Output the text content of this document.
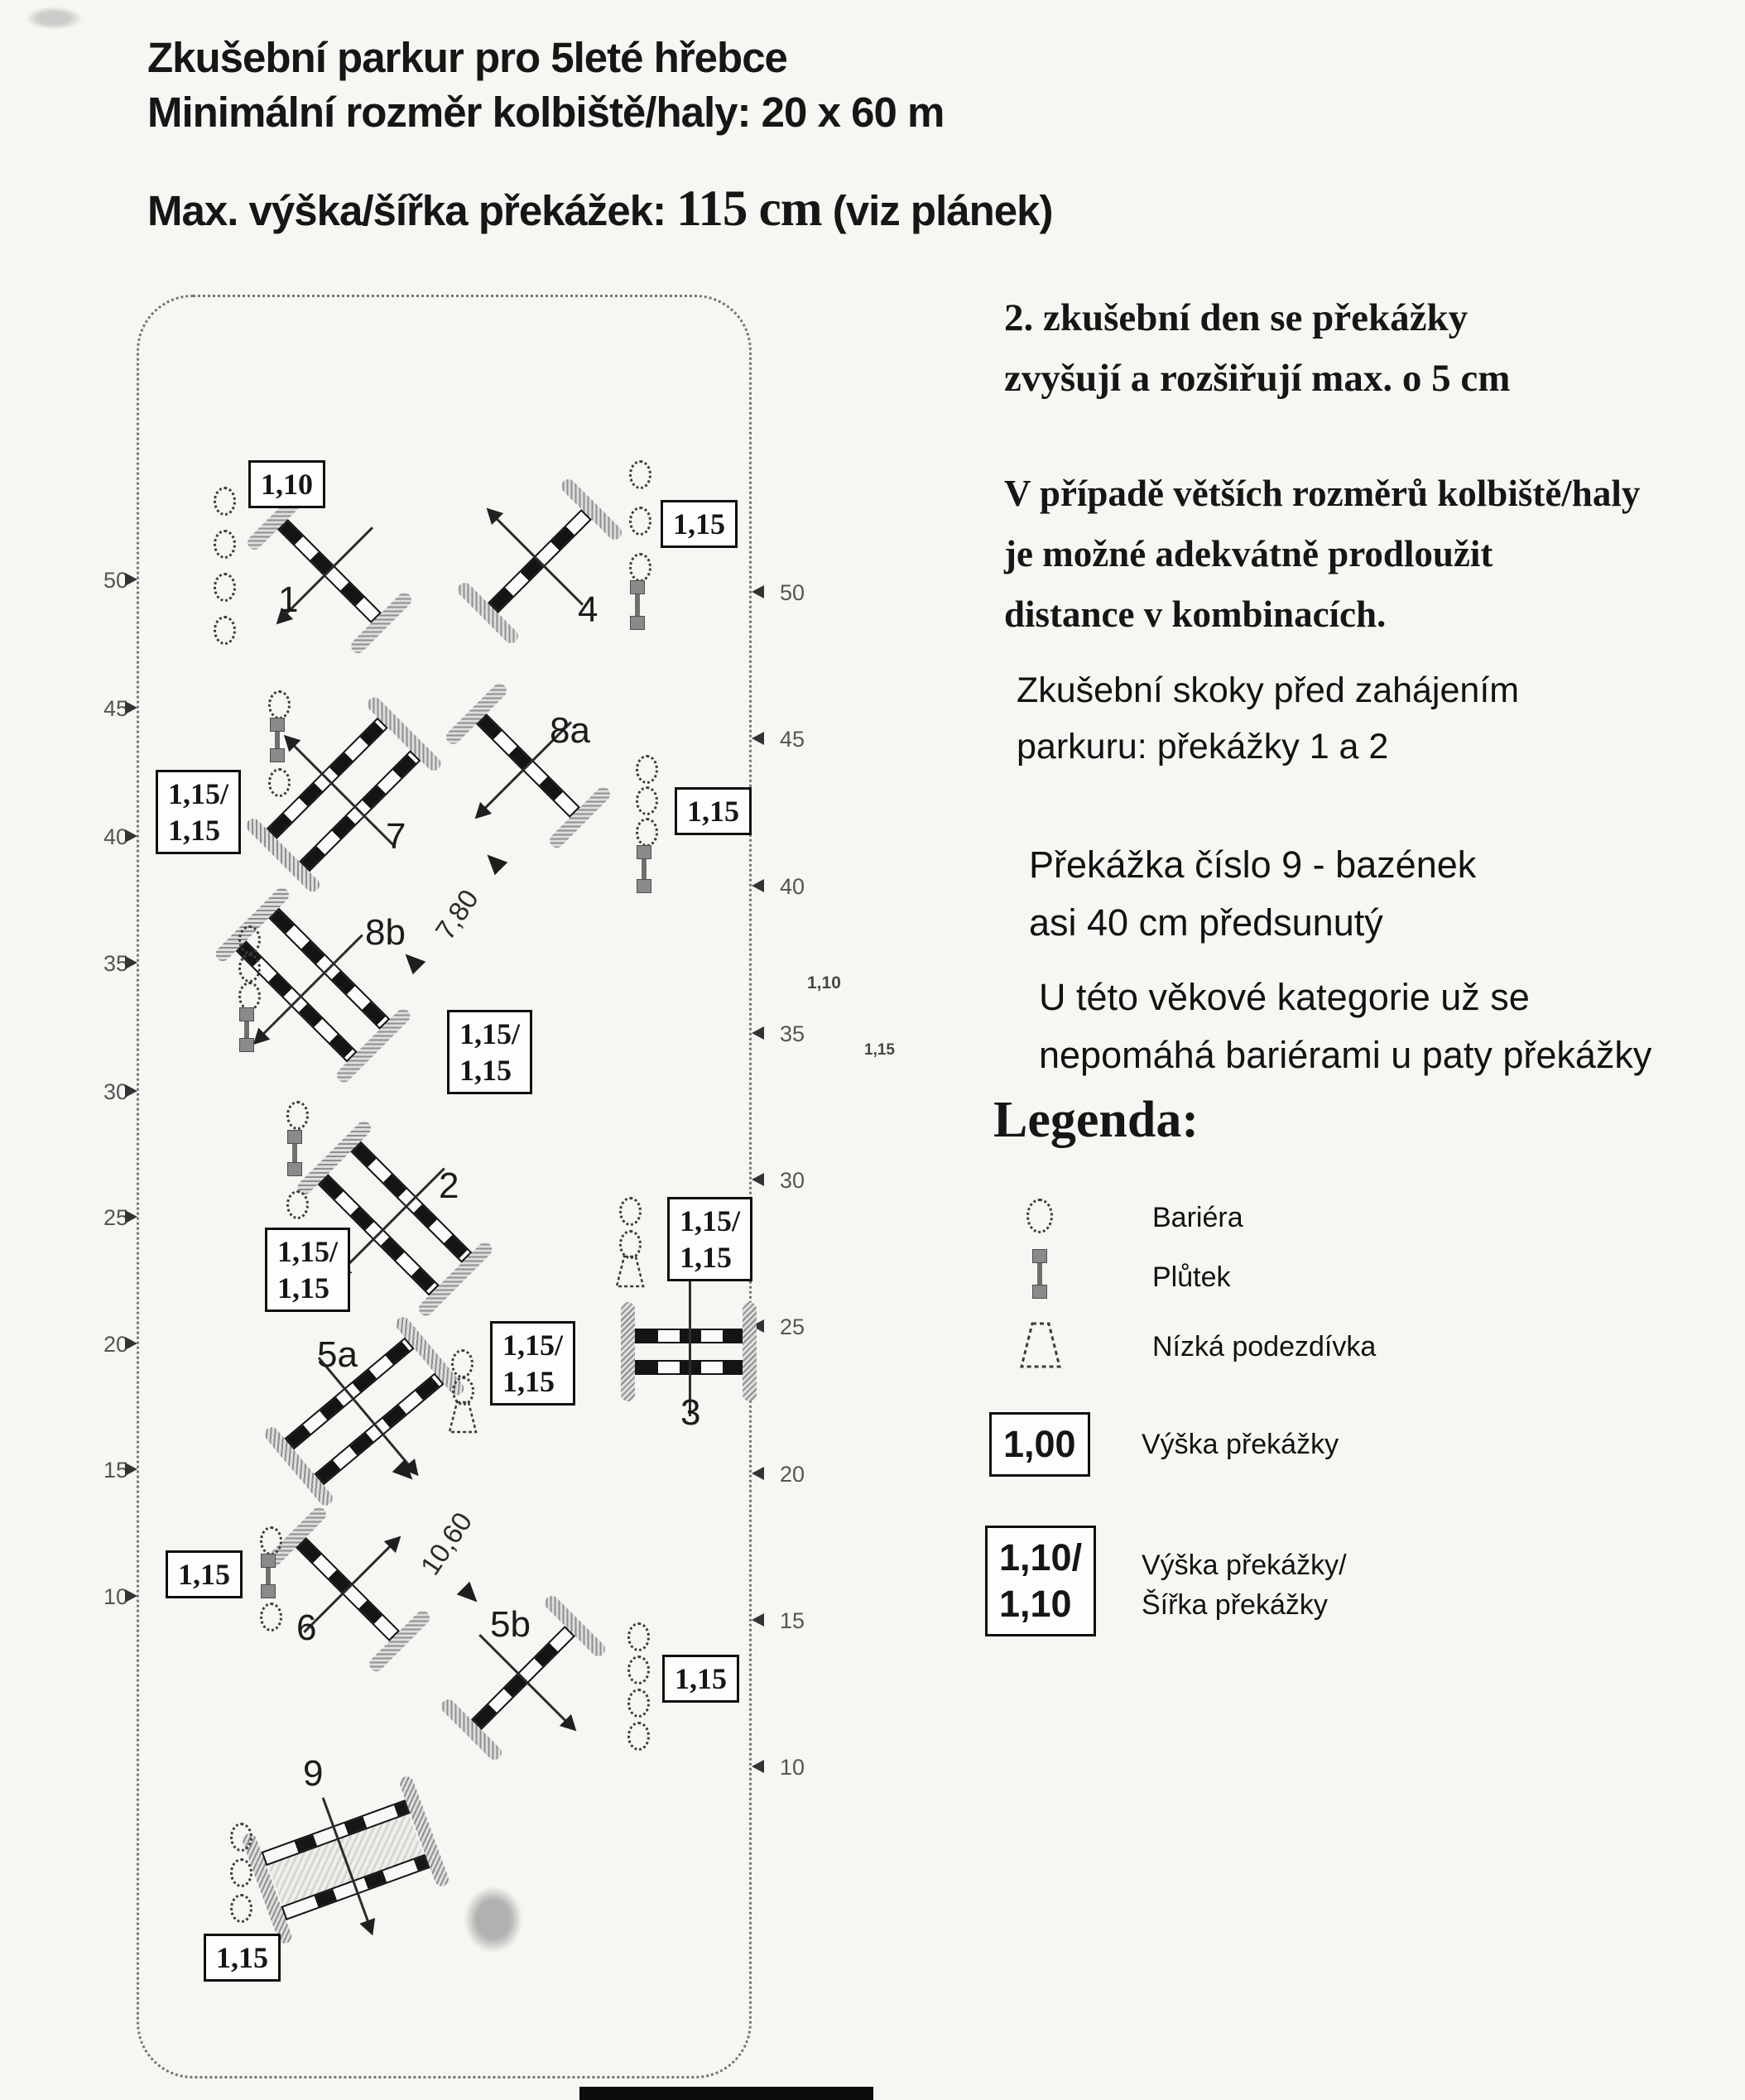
Zkušební parkur pro 5leté hřebce
Minimální rozměr kolbiště/haly: 20 x 60 m
Max. výška/šířka překážek: 115 cm (viz plánek)
2. zkušební den se překážky
zvyšují a rozšiřují max. o 5 cm
V případě větších rozměrů kolbiště/haly
je možné adekvátně prodloužit
distance v kombinacích.
Zkušební skoky před zahájením
parkuru: překážky 1 a 2
Překážka číslo 9 - bazének
asi 40 cm předsunutý
U této věkové kategorie už se
nepomáhá bariérami u paty překážky
50
45
40
35
30
25
20
15
10
50
45
40
35
30
25
20
15
10
1
1,10
4
1,15
7
1,15/
1,15
8a
1,15
7,80
8b
1,15/
1,15
2
1,15/
1,15
3
1,15/
1,15
5a	1,15/
1,15
10,60
6
1,15
5b
1,15
9
1,15
1,10
1,15
Legenda:
Bariéra
Plůtek
Nízká podezdívka
1,00	Výška překážky
1,10/
1,10
Výška překážky/
Šířka překážky
